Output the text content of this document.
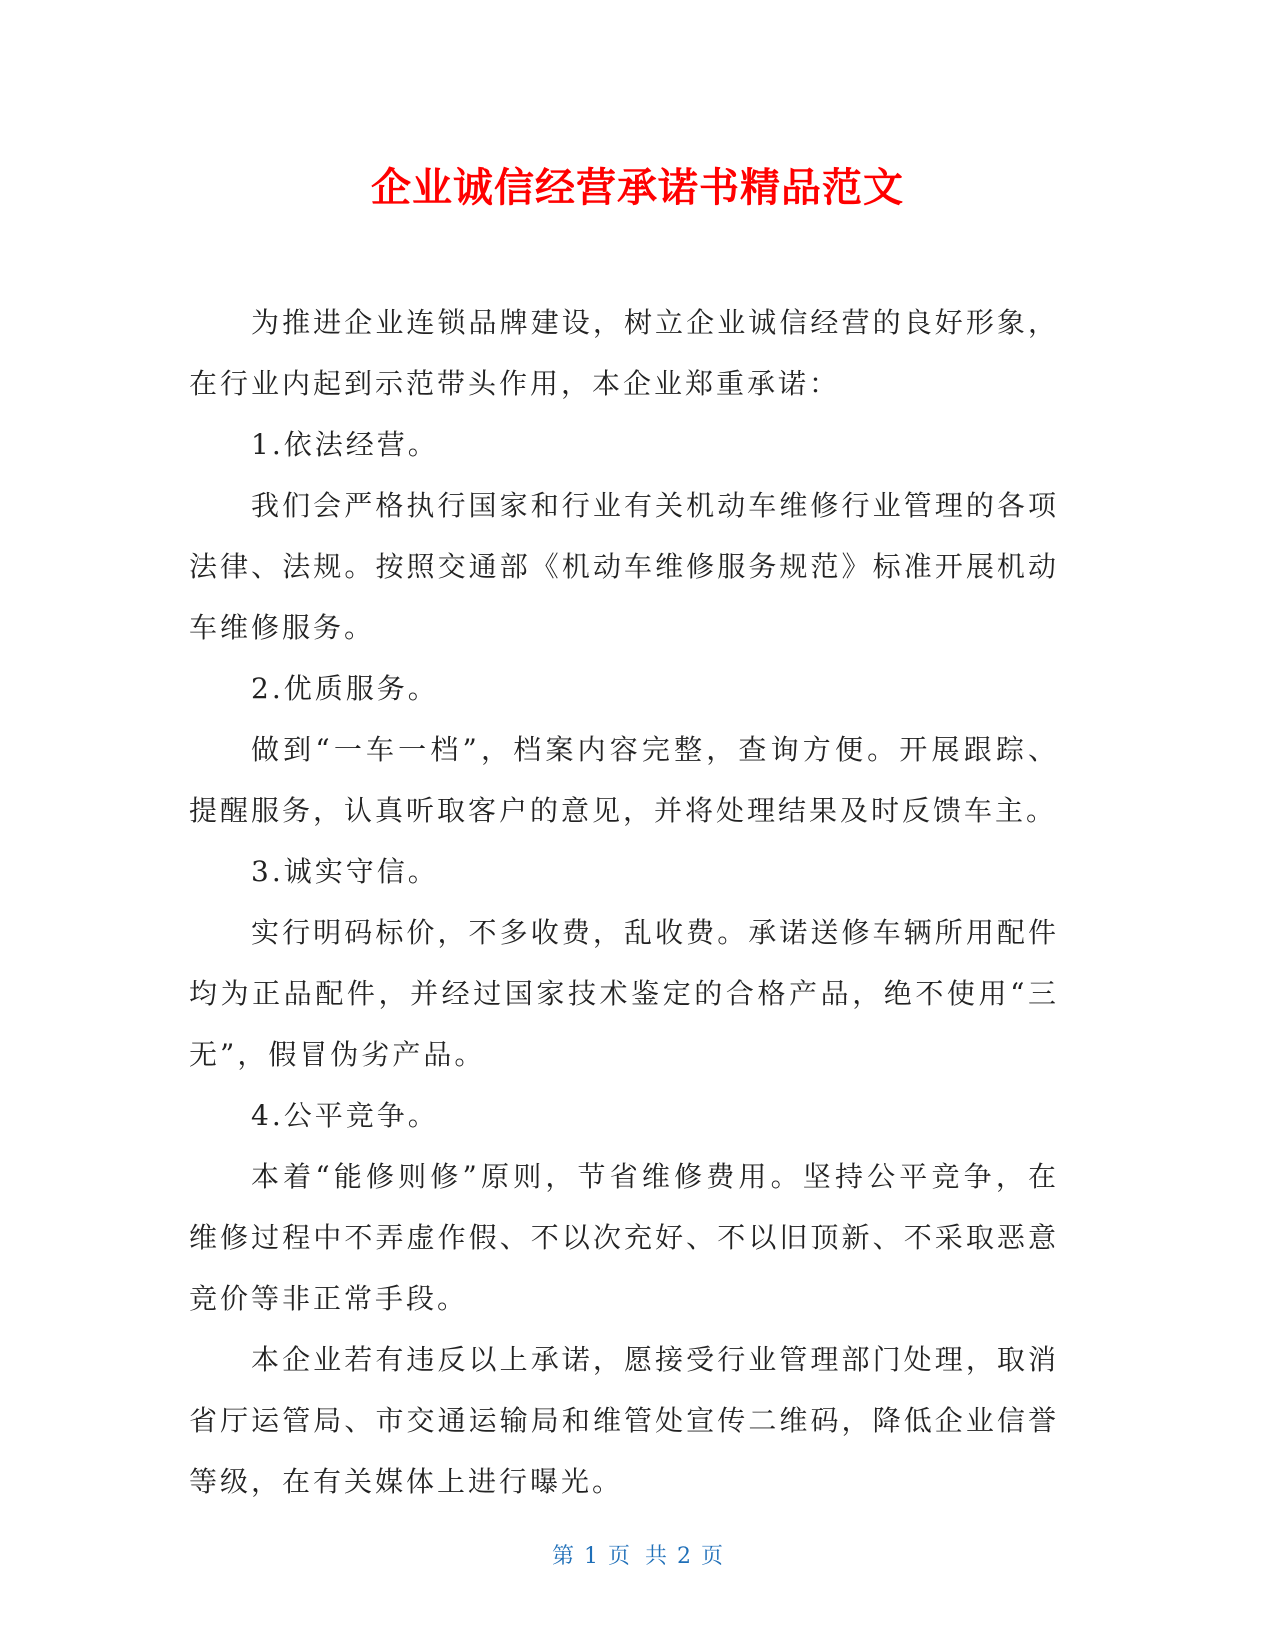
企业诚信经营承诺书精品范文

为推进企业连锁品牌建设，树立企业诚信经营的良好形象，在行业内起到示范带头作用，本企业郑重承诺：

1.依法经营。

我们会严格执行国家和行业有关机动车维修行业管理的各项法律、法规。按照交通部《机动车维修服务规范》标准开展机动车维修服务。

2.优质服务。

做到“一车一档”，档案内容完整，查询方便。开展跟踪、提醒服务，认真听取客户的意见，并将处理结果及时反馈车主。

3.诚实守信。

实行明码标价，不多收费，乱收费。承诺送修车辆所用配件均为正品配件，并经过国家技术鉴定的合格产品，绝不使用“三无”，假冒伪劣产品。

4.公平竞争。

本着“能修则修”原则，节省维修费用。坚持公平竞争，在维修过程中不弄虚作假、不以次充好、不以旧顶新、不采取恶意竞价等非正常手段。

本企业若有违反以上承诺，愿接受行业管理部门处理，取消省厅运管局、市交通运输局和维管处宣传二维码，降低企业信誉等级，在有关媒体上进行曝光。

第 1 页 共 2 页
